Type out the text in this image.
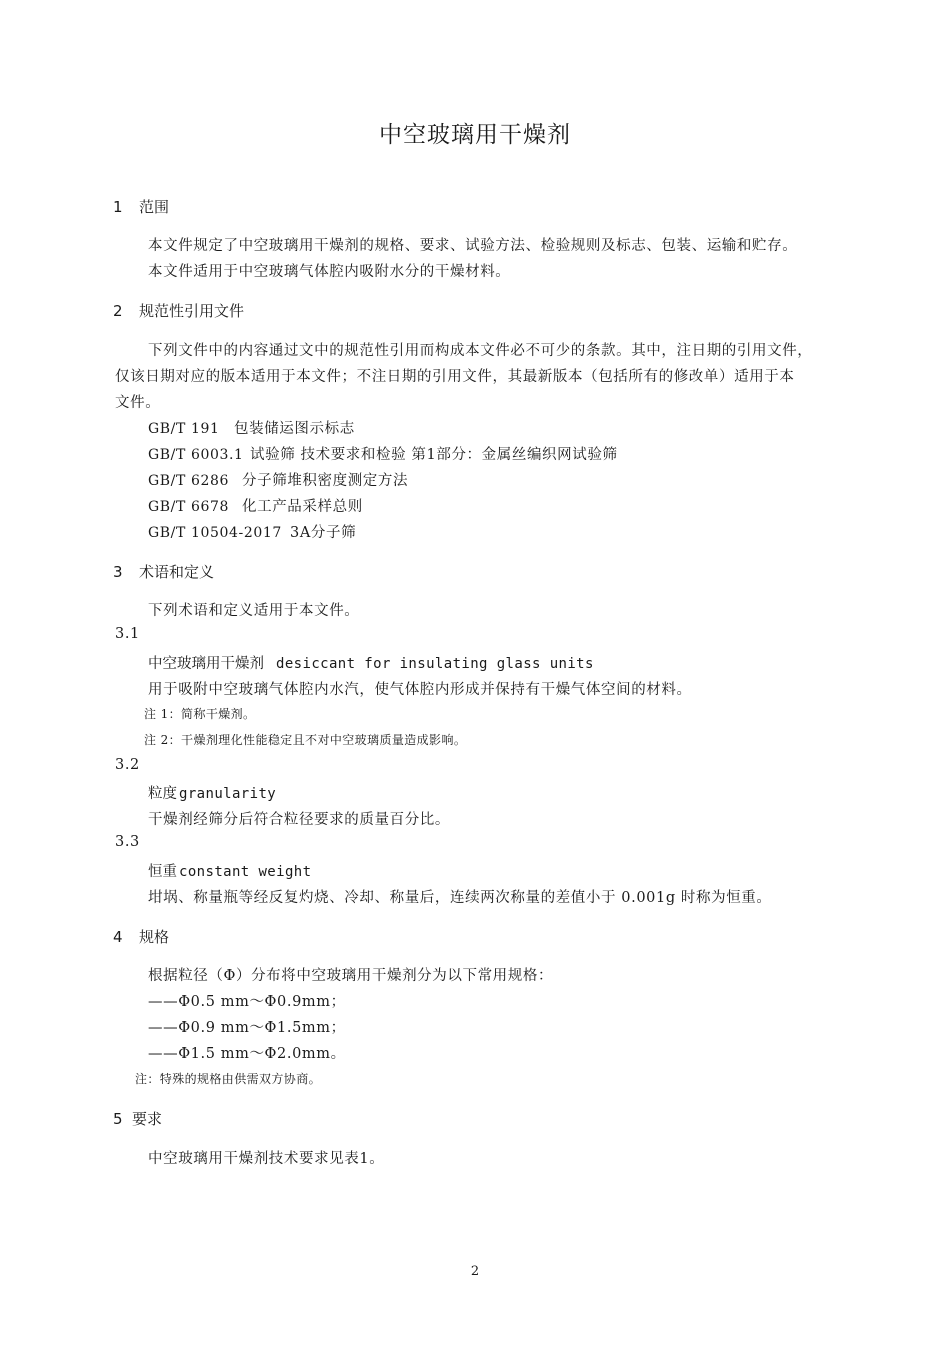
中空玻璃用干燥剂
1 范围
本文件规定了中空玻璃用干燥剂的规格、要求、试验方法、检验规则及标志、包装、运输和贮存。
本文件适用于中空玻璃气体腔内吸附水分的干燥材料。
2 规范性引用文件
下列文件中的内容通过文中的规范性引用而构成本文件必不可少的条款。其中，注日期的引用文件，
仅该日期对应的版本适用于本文件；不注日期的引用文件，其最新版本（包括所有的修改单）适用于本
文件。
GB/T 191 包装储运图示标志
GB/T 6003.1 试验筛 技术要求和检验 第1部分：金属丝编织网试验筛
GB/T 6286 分子筛堆积密度测定方法
GB/T 6678 化工产品采样总则
GB/T 10504-2017 3A分子筛
3 术语和定义
下列术语和定义适用于本文件。
3.1
中空玻璃用干燥剂 desiccant for insulating glass units
用于吸附中空玻璃气体腔内水汽，使气体腔内形成并保持有干燥气体空间的材料。
注 1：简称干燥剂。
注 2：干燥剂理化性能稳定且不对中空玻璃质量造成影响。
3.2
粒度 granularity
干燥剂经筛分后符合粒径要求的质量百分比。
3.3
恒重 constant weight
坩埚、称量瓶等经反复灼烧、冷却、称量后，连续两次称量的差值小于 0.001g 时称为恒重。
4 规格
根据粒径（Φ）分布将中空玻璃用干燥剂分为以下常用规格：
——Φ0.5 mm～Φ0.9mm；
——Φ0.9 mm～Φ1.5mm；
——Φ1.5 mm～Φ2.0mm。
注：特殊的规格由供需双方协商。
5 要求
中空玻璃用干燥剂技术要求见表1。
2
